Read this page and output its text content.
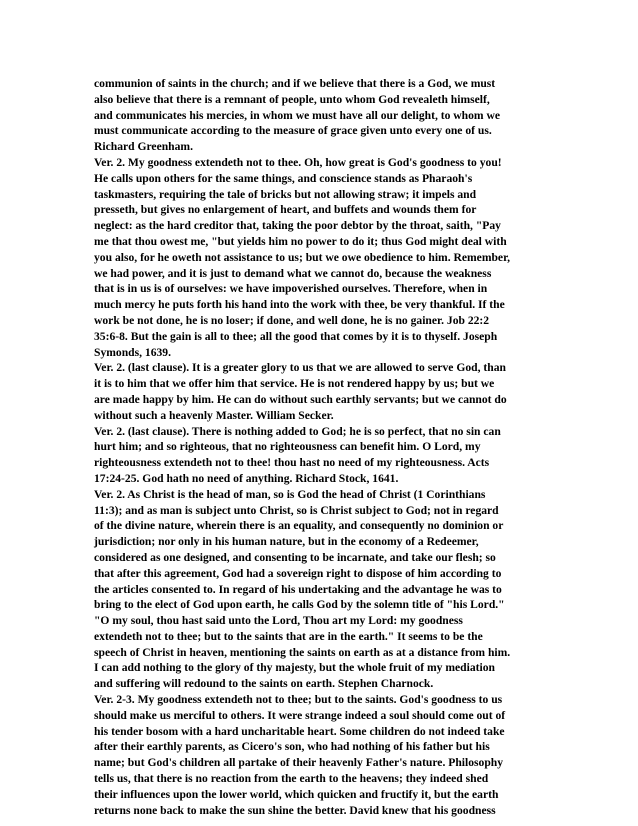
communion of saints in the church; and if we believe that there is a God, we must
also believe that there is a remnant of people, unto whom God revealeth himself,
and communicates his mercies, in whom we must have all our delight, to whom we
must communicate according to the measure of grace given unto every one of us.
Richard Greenham.
Ver. 2. My goodness extendeth not to thee. Oh, how great is God's goodness to you!
He calls upon others for the same things, and conscience stands as Pharaoh's
taskmasters, requiring the tale of bricks but not allowing straw; it impels and
presseth, but gives no enlargement of heart, and buffets and wounds them for
neglect: as the hard creditor that, taking the poor debtor by the throat, saith, "Pay
me that thou owest me, "but yields him no power to do it; thus God might deal with
you also, for he oweth not assistance to us; but we owe obedience to him. Remember,
we had power, and it is just to demand what we cannot do, because the weakness
that is in us is of ourselves: we have impoverished ourselves. Therefore, when in
much mercy he puts forth his hand into the work with thee, be very thankful. If the
work be not done, he is no loser; if done, and well done, he is no gainer. Job 22:2
35:6-8. But the gain is all to thee; all the good that comes by it is to thyself. Joseph
Symonds, 1639.
Ver. 2. (last clause). It is a greater glory to us that we are allowed to serve God, than
it is to him that we offer him that service. He is not rendered happy by us; but we
are made happy by him. He can do without such earthly servants; but we cannot do
without such a heavenly Master. William Secker.
Ver. 2. (last clause). There is nothing added to God; he is so perfect, that no sin can
hurt him; and so righteous, that no righteousness can benefit him. O Lord, my
righteousness extendeth not to thee! thou hast no need of my righteousness. Acts
17:24-25. God hath no need of anything. Richard Stock, 1641.
Ver. 2. As Christ is the head of man, so is God the head of Christ (1 Corinthians
11:3); and as man is subject unto Christ, so is Christ subject to God; not in regard
of the divine nature, wherein there is an equality, and consequently no dominion or
jurisdiction; nor only in his human nature, but in the economy of a Redeemer,
considered as one designed, and consenting to be incarnate, and take our flesh; so
that after this agreement, God had a sovereign right to dispose of him according to
the articles consented to. In regard of his undertaking and the advantage he was to
bring to the elect of God upon earth, he calls God by the solemn title of "his Lord."
"O my soul, thou hast said unto the Lord, Thou art my Lord: my goodness
extendeth not to thee; but to the saints that are in the earth." It seems to be the
speech of Christ in heaven, mentioning the saints on earth as at a distance from him.
I can add nothing to the glory of thy majesty, but the whole fruit of my mediation
and suffering will redound to the saints on earth. Stephen Charnock.
Ver. 2-3. My goodness extendeth not to thee; but to the saints. God's goodness to us
should make us merciful to others. It were strange indeed a soul should come out of
his tender bosom with a hard uncharitable heart. Some children do not indeed take
after their earthly parents, as Cicero's son, who had nothing of his father but his
name; but God's children all partake of their heavenly Father's nature. Philosophy
tells us, that there is no reaction from the earth to the heavens; they indeed shed
their influences upon the lower world, which quicken and fructify it, but the earth
returns none back to make the sun shine the better. David knew that his goodness
